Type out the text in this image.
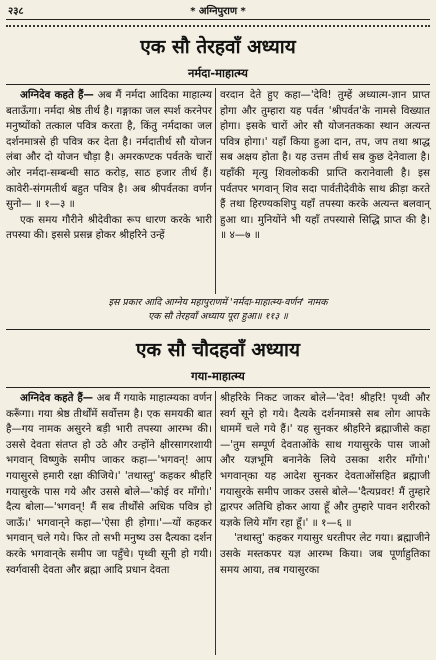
२३८	* अग्निपुराण *
एक सौ तेरहवाँ अध्याय
नर्मदा-माहात्म्य

अग्निदेव कहते हैं— अब मैं नर्मदा आदिका माहात्म्य बताऊँगा। नर्मदा श्रेष्ठ तीर्थ है। गङ्गाका जल स्पर्श करनेपर मनुष्योंको तत्काल पवित्र करता है, किंतु नर्मदाका जल दर्शनमात्रसे ही पवित्र कर देता है। नर्मदातीर्थ सौ योजन लंबा और दो योजन चौड़ा है। अमरकण्टक पर्वतके चारों ओर नर्मदा-सम्बन्धी साठ करोड़, साठ हजार तीर्थ हैं। कावेरी-संगमतीर्थ बहुत पवित्र है। अब श्रीपर्वतका वर्णन सुनो— ॥ १—३ ॥

एक समय गौरीने श्रीदेवीका रूप धारण करके भारी तपस्या की। इससे प्रसन्न होकर श्रीहरिने उन्हें

वरदान देते हुए कहा—'देवि! तुम्हें अध्यात्म-ज्ञान प्राप्त होगा और तुम्हारा यह पर्वत 'श्रीपर्वत'के नामसे विख्यात होगा। इसके चारों ओर सौ योजनतकका स्थान अत्यन्त पवित्र होगा।' यहाँ किया हुआ दान, तप, जप तथा श्राद्ध सब अक्षय होता है। यह उत्तम तीर्थ सब कुछ देनेवाला है। यहाँकी मृत्यु शिवलोककी प्राप्ति करानेवाली है। इस पर्वतपर भगवान् शिव सदा पार्वतीदेवीके साथ क्रीड़ा करते हैं तथा हिरण्यकशिपु यहाँ तपस्या करके अत्यन्त बलवान् हुआ था। मुनियोंने भी यहाँ तपस्यासे सिद्धि प्राप्त की है। ॥ ४—७ ॥

इस प्रकार आदि आग्नेय महापुराणमें 'नर्मदा-माहात्म्य-वर्णन' नामक
एक सौ तेरहवाँ अध्याय पूरा हुआ॥ ११३ ॥
एक सौ चौदहवाँ अध्याय
गया-माहात्म्य

अग्निदेव कहते हैं— अब मैं गयाके माहात्म्यका वर्णन करूँगा। गया श्रेष्ठ तीर्थोंमें सर्वोत्तम है। एक समयकी बात है—गय नामक असुरने बड़ी भारी तपस्या आरम्भ की। उससे देवता संतप्त हो उठे और उन्होंने क्षीरसागरशायी भगवान् विष्णुके समीप जाकर कहा—'भगवन्! आप गयासुरसे हमारी रक्षा कीजिये।' 'तथास्तु' कहकर श्रीहरि गयासुरके पास गये और उससे बोले—'कोई वर माँगो।' दैत्य बोला—'भगवन्! मैं सब तीर्थोंसे अधिक पवित्र हो जाऊँ।' भगवान्‌ने कहा—'ऐसा ही होगा।'—यों कहकर भगवान् चले गये। फिर तो सभी मनुष्य उस दैत्यका दर्शन करके भगवान्‌के समीप जा पहुँचे। पृथ्वी सूनी हो गयी। स्वर्गवासी देवता और ब्रह्मा आदि प्रधान देवता

श्रीहरिके निकट जाकर बोले—'देव! श्रीहरि! पृथ्वी और स्वर्ग सूने हो गये। दैत्यके दर्शनमात्रसे सब लोग आपके धाममें चले गये हैं।' यह सुनकर श्रीहरिने ब्रह्माजीसे कहा—'तुम सम्पूर्ण देवताओंके साथ गयासुरके पास जाओ और यज्ञभूमि बनानेके लिये उसका शरीर माँगो।' भगवान्‌का यह आदेश सुनकर देवताओंसहित ब्रह्माजी गयासुरके समीप जाकर उससे बोले—'दैत्यप्रवर! मैं तुम्हारे द्वारपर अतिथि होकर आया हूँ और तुम्हारे पावन शरीरको यज्ञके लिये माँग रहा हूँ।' ॥ १—६ ॥

'तथास्तु' कहकर गयासुर धरतीपर लेट गया। ब्रह्माजीने उसके मस्तकपर यज्ञ आरम्भ किया। जब पूर्णाहुतिका समय आया, तब गयासुरका
